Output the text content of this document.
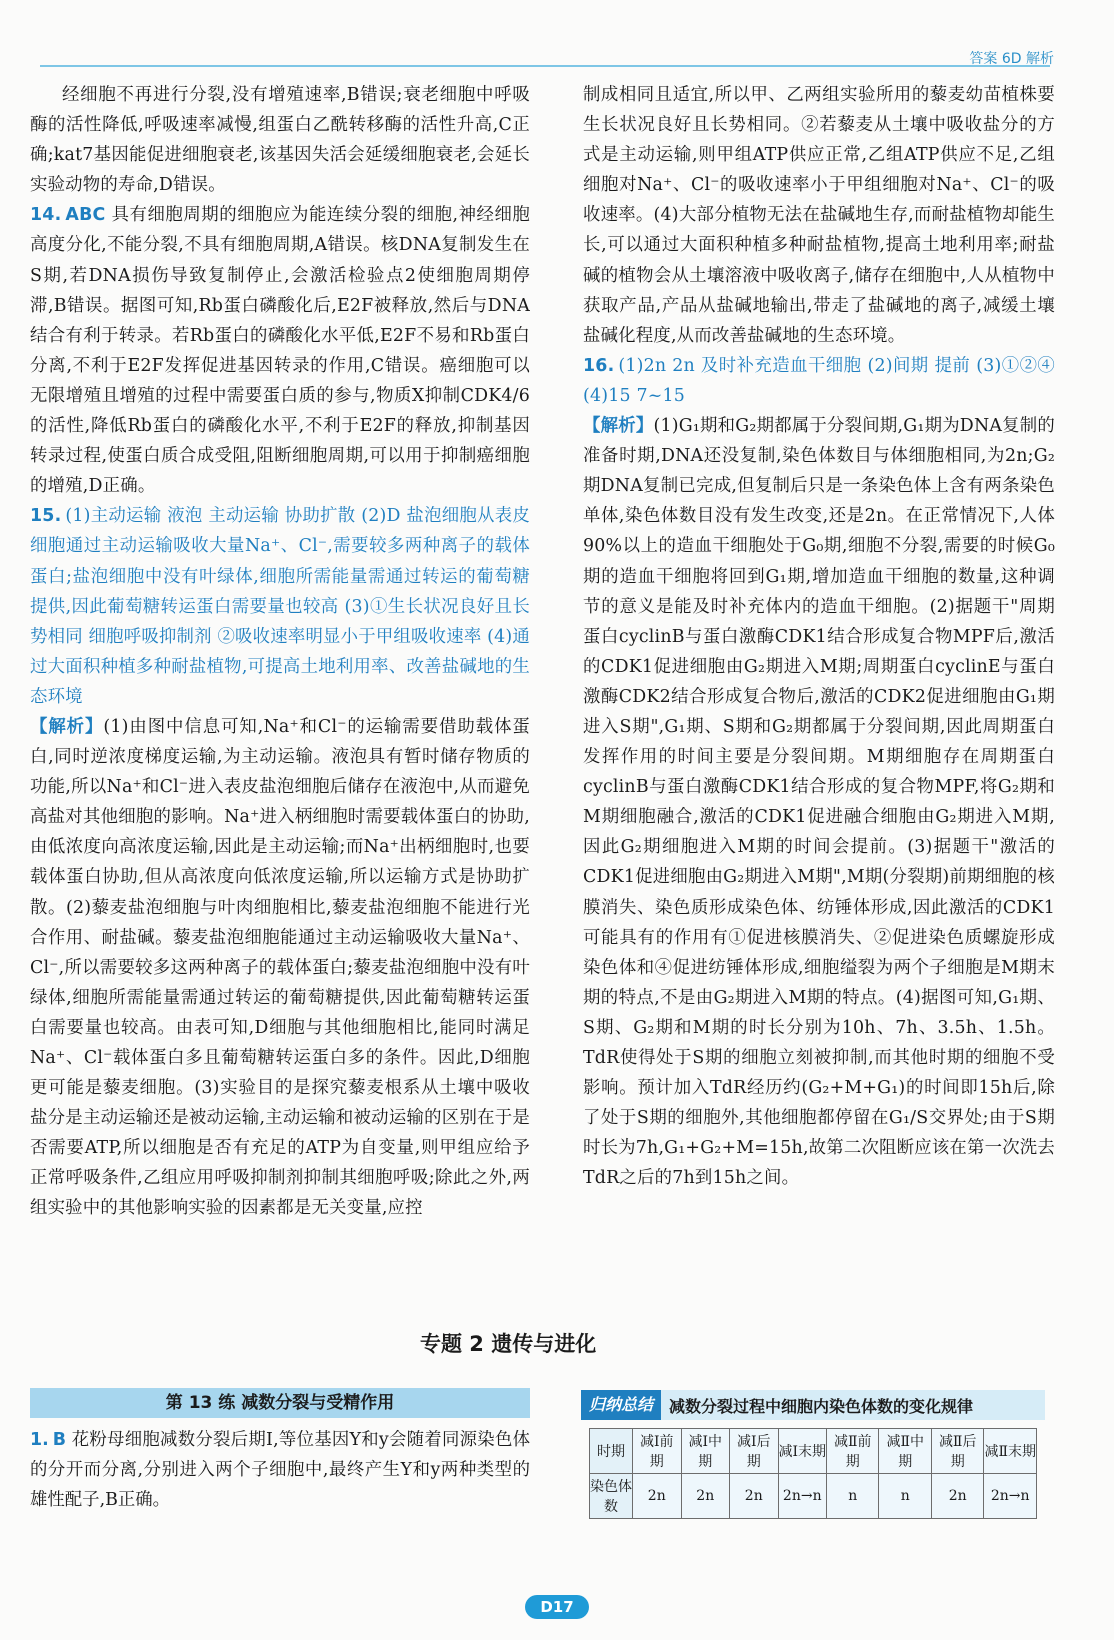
答案 6D 解析

经细胞不再进行分裂,没有增殖速率,B错误;衰老细胞中呼吸酶的活性降低,呼吸速率减慢,组蛋白乙酰转移酶的活性升高,C正确;kat7基因能促进细胞衰老,该基因失活会延缓细胞衰老,会延长实验动物的寿命,D错误。

14. ABC 具有细胞周期的细胞应为能连续分裂的细胞,神经细胞高度分化,不能分裂,不具有细胞周期,A错误。核DNA复制发生在S期,若DNA损伤导致复制停止,会激活检验点2使细胞周期停滞,B错误。据图可知,Rb蛋白磷酸化后,E2F被释放,然后与DNA结合有利于转录。若Rb蛋白的磷酸化水平低,E2F不易和Rb蛋白分离,不利于E2F发挥促进基因转录的作用,C错误。癌细胞可以无限增殖且增殖的过程中需要蛋白质的参与,物质X抑制CDK4/6的活性,降低Rb蛋白的磷酸化水平,不利于E2F的释放,抑制基因转录过程,使蛋白质合成受阻,阻断细胞周期,可以用于抑制癌细胞的增殖,D正确。

15. (1)主动运输 液泡 主动运输 协助扩散 (2)D 盐泡细胞从表皮细胞通过主动运输吸收大量Na⁺、Cl⁻,需要较多两种离子的载体蛋白;盐泡细胞中没有叶绿体,细胞所需能量需通过转运的葡萄糖提供,因此葡萄糖转运蛋白需要量也较高 (3)①生长状况良好且长势相同 细胞呼吸抑制剂 ②吸收速率明显小于甲组吸收速率 (4)通过大面积种植多种耐盐植物,可提高土地利用率、改善盐碱地的生态环境

【解析】(1)由图中信息可知,Na⁺和Cl⁻的运输需要借助载体蛋白,同时逆浓度梯度运输,为主动运输。液泡具有暂时储存物质的功能,所以Na⁺和Cl⁻进入表皮盐泡细胞后储存在液泡中,从而避免高盐对其他细胞的影响。Na⁺进入柄细胞时需要载体蛋白的协助,由低浓度向高浓度运输,因此是主动运输;而Na⁺出柄细胞时,也要载体蛋白协助,但从高浓度向低浓度运输,所以运输方式是协助扩散。(2)藜麦盐泡细胞与叶肉细胞相比,藜麦盐泡细胞不能进行光合作用、耐盐碱。藜麦盐泡细胞能通过主动运输吸收大量Na⁺、Cl⁻,所以需要较多这两种离子的载体蛋白;藜麦盐泡细胞中没有叶绿体,细胞所需能量需通过转运的葡萄糖提供,因此葡萄糖转运蛋白需要量也较高。由表可知,D细胞与其他细胞相比,能同时满足Na⁺、Cl⁻载体蛋白多且葡萄糖转运蛋白多的条件。因此,D细胞更可能是藜麦细胞。(3)实验目的是探究藜麦根系从土壤中吸收盐分是主动运输还是被动运输,主动运输和被动运输的区别在于是否需要ATP,所以细胞是否有充足的ATP为自变量,则甲组应给予正常呼吸条件,乙组应用呼吸抑制剂抑制其细胞呼吸;除此之外,两组实验中的其他影响实验的因素都是无关变量,应控

制成相同且适宜,所以甲、乙两组实验所用的藜麦幼苗植株要生长状况良好且长势相同。②若藜麦从土壤中吸收盐分的方式是主动运输,则甲组ATP供应正常,乙组ATP供应不足,乙组细胞对Na⁺、Cl⁻的吸收速率小于甲组细胞对Na⁺、Cl⁻的吸收速率。(4)大部分植物无法在盐碱地生存,而耐盐植物却能生长,可以通过大面积种植多种耐盐植物,提高土地利用率;耐盐碱的植物会从土壤溶液中吸收离子,储存在细胞中,人从植物中获取产品,产品从盐碱地输出,带走了盐碱地的离子,减缓土壤盐碱化程度,从而改善盐碱地的生态环境。

16. (1)2n 2n 及时补充造血干细胞 (2)间期 提前 (3)①②④ (4)15 7~15

【解析】(1)G₁期和G₂期都属于分裂间期,G₁期为DNA复制的准备时期,DNA还没复制,染色体数目与体细胞相同,为2n;G₂期DNA复制已完成,但复制后只是一条染色体上含有两条染色单体,染色体数目没有发生改变,还是2n。在正常情况下,人体90%以上的造血干细胞处于G₀期,细胞不分裂,需要的时候G₀期的造血干细胞将回到G₁期,增加造血干细胞的数量,这种调节的意义是能及时补充体内的造血干细胞。(2)据题干"周期蛋白cyclinB与蛋白激酶CDK1结合形成复合物MPF后,激活的CDK1促进细胞由G₂期进入M期;周期蛋白cyclinE与蛋白激酶CDK2结合形成复合物后,激活的CDK2促进细胞由G₁期进入S期",G₁期、S期和G₂期都属于分裂间期,因此周期蛋白发挥作用的时间主要是分裂间期。M期细胞存在周期蛋白cyclinB与蛋白激酶CDK1结合形成的复合物MPF,将G₂期和M期细胞融合,激活的CDK1促进融合细胞由G₂期进入M期,因此G₂期细胞进入M期的时间会提前。(3)据题干"激活的CDK1促进细胞由G₂期进入M期",M期(分裂期)前期细胞的核膜消失、染色质形成染色体、纺锤体形成,因此激活的CDK1可能具有的作用有①促进核膜消失、②促进染色质螺旋形成染色体和④促进纺锤体形成,细胞缢裂为两个子细胞是M期末期的特点,不是由G₂期进入M期的特点。(4)据图可知,G₁期、S期、G₂期和M期的时长分别为10h、7h、3.5h、1.5h。TdR使得处于S期的细胞立刻被抑制,而其他时期的细胞不受影响。预计加入TdR经历约(G₂+M+G₁)的时间即15h后,除了处于S期的细胞外,其他细胞都停留在G₁/S交界处;由于S期时长为7h,G₁+G₂+M=15h,故第二次阻断应该在第一次洗去TdR之后的7h到15h之间。

专题 2 遗传与进化
第 13 练 减数分裂与受精作用
1. B 花粉母细胞减数分裂后期Ⅰ,等位基因Y和y会随着同源染色体的分开而分离,分别进入两个子细胞中,最终产生Y和y两种类型的雄性配子,B正确。
归纳总结	减数分裂过程中细胞内染色体数的变化规律
时期	减Ⅰ前期	减Ⅰ中期	减Ⅰ后期	减Ⅰ末期	减Ⅱ前期	减Ⅱ中期	减Ⅱ后期	减Ⅱ末期
染色体数	2n	2n	2n	2n→n	n	n	2n	2n→n
D17
